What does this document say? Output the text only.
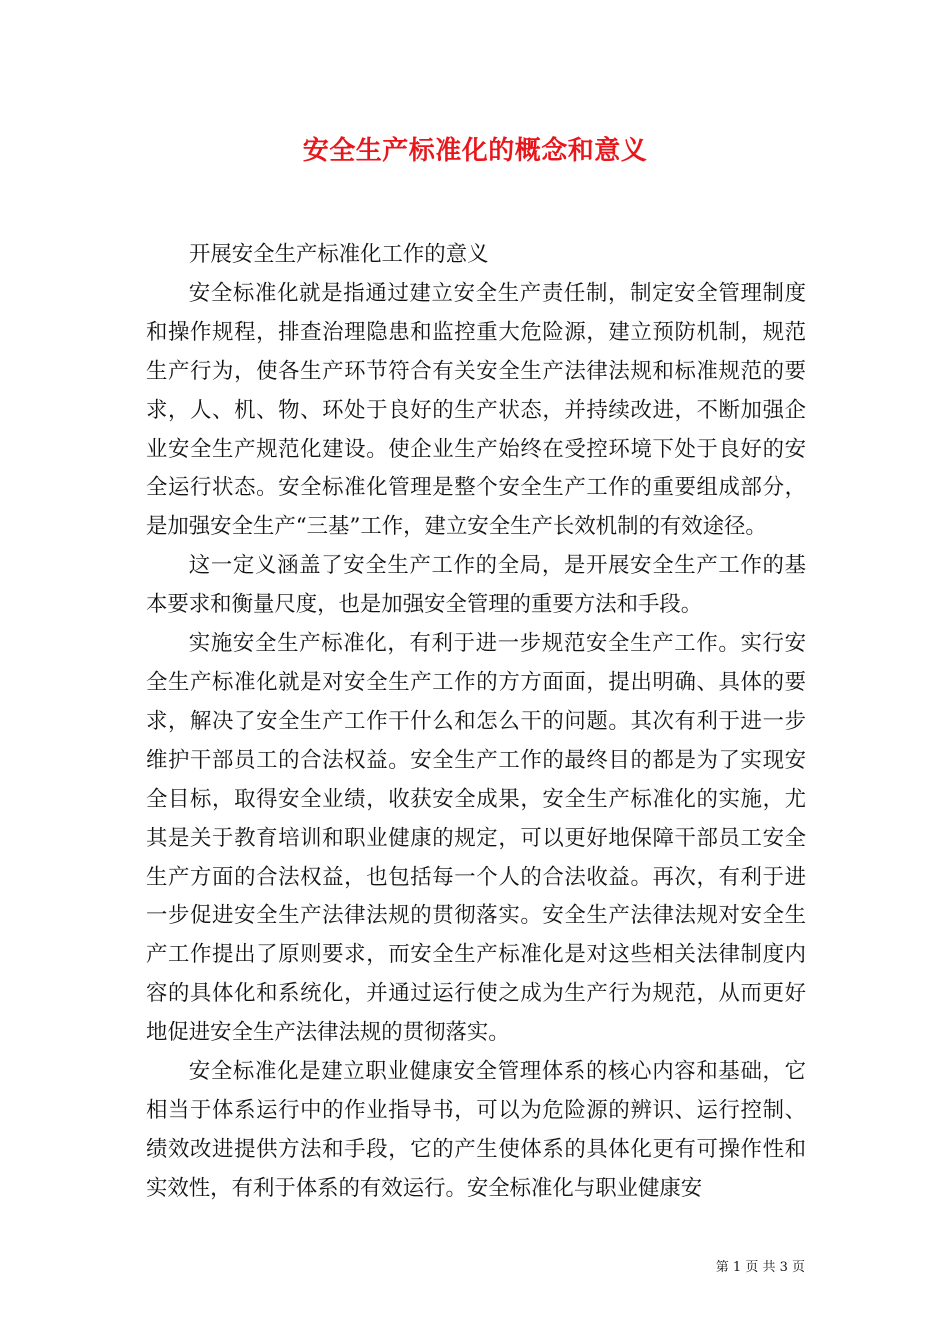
安全生产标准化的概念和意义

开展安全生产标准化工作的意义

安全标准化就是指通过建立安全生产责任制，制定安全管理制度和操作规程，排查治理隐患和监控重大危险源，建立预防机制，规范生产行为，使各生产环节符合有关安全生产法律法规和标准规范的要求，人、机、物、环处于良好的生产状态，并持续改进，不断加强企业安全生产规范化建设。使企业生产始终在受控环境下处于良好的安全运行状态。安全标准化管理是整个安全生产工作的重要组成部分，是加强安全生产“三基”工作，建立安全生产长效机制的有效途径。

这一定义涵盖了安全生产工作的全局，是开展安全生产工作的基本要求和衡量尺度，也是加强安全管理的重要方法和手段。

实施安全生产标准化，有利于进一步规范安全生产工作。实行安全生产标准化就是对安全生产工作的方方面面，提出明确、具体的要求，解决了安全生产工作干什么和怎么干的问题。其次有利于进一步维护干部员工的合法权益。安全生产工作的最终目的都是为了实现安全目标，取得安全业绩，收获安全成果，安全生产标准化的实施，尤其是关于教育培训和职业健康的规定，可以更好地保障干部员工安全生产方面的合法权益，也包括每一个人的合法收益。再次，有利于进一步促进安全生产法律法规的贯彻落实。安全生产法律法规对安全生产工作提出了原则要求，而安全生产标准化是对这些相关法律制度内容的具体化和系统化，并通过运行使之成为生产行为规范，从而更好地促进安全生产法律法规的贯彻落实。

安全标准化是建立职业健康安全管理体系的核心内容和基础，它相当于体系运行中的作业指导书，可以为危险源的辨识、运行控制、绩效改进提供方法和手段，它的产生使体系的具体化更有可操作性和实效性，有利于体系的有效运行。安全标准化与职业健康安

第 1 页 共 3 页
